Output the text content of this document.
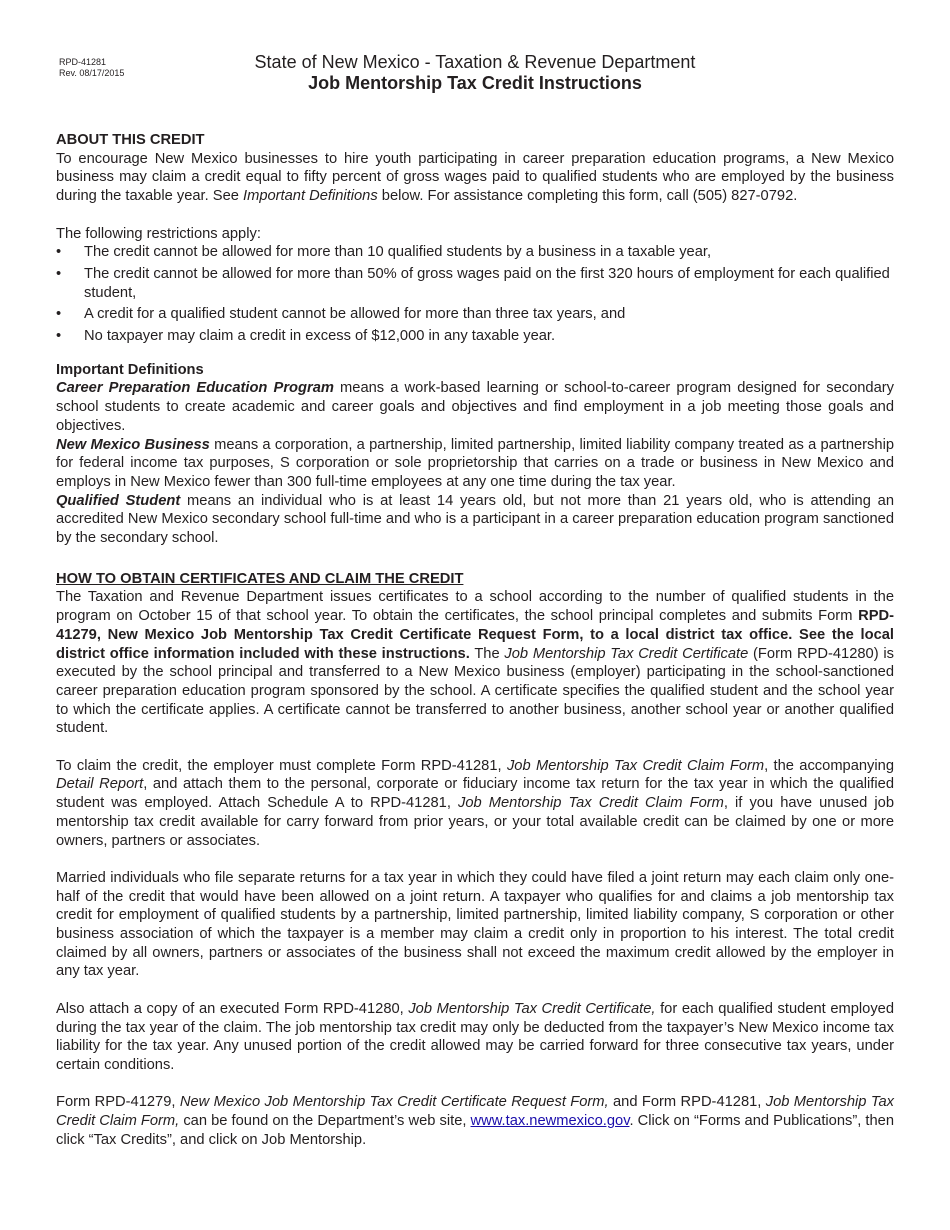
RPD-41281
Rev. 08/17/2015
State of New Mexico - Taxation & Revenue Department
Job Mentorship Tax Credit Instructions

ABOUT THIS CREDIT

To encourage New Mexico businesses to hire youth participating in career preparation education programs, a New Mexico business may claim a credit equal to fifty percent of gross wages paid to qualified students who are employed by the business during the taxable year. See Important Definitions below. For assistance completing this form, call (505) 827-0792.

The following restrictions apply:

• The credit cannot be allowed for more than 10 qualified students by a business in a taxable year,
• The credit cannot be allowed for more than 50% of gross wages paid on the first 320 hours of employment for each qualified student,
• A credit for a qualified student cannot be allowed for more than three tax years, and
• No taxpayer may claim a credit in excess of $12,000 in any taxable year.

Important Definitions

Career Preparation Education Program means a work-based learning or school-to-career program designed for secondary school students to create academic and career goals and objectives and find employment in a job meeting those goals and objectives.

New Mexico Business means a corporation, a partnership, limited partnership, limited liability company treated as a partnership for federal income tax purposes, S corporation or sole proprietorship that carries on a trade or business in New Mexico and employs in New Mexico fewer than 300 full-time employees at any one time during the tax year.

Qualified Student means an individual who is at least 14 years old, but not more than 21 years old, who is attending an accredited New Mexico secondary school full-time and who is a participant in a career preparation education program sanctioned by the secondary school.

HOW TO OBTAIN CERTIFICATES AND CLAIM THE CREDIT

The Taxation and Revenue Department issues certificates to a school according to the number of qualified students in the program on October 15 of that school year. To obtain the certificates, the school principal completes and submits Form RPD-41279, New Mexico Job Mentorship Tax Credit Certificate Request Form, to a local district tax office. See the local district office information included with these instructions. The Job Mentorship Tax Credit Certificate (Form RPD-41280) is executed by the school principal and transferred to a New Mexico business (employer) participating in the school-sanctioned career preparation education program sponsored by the school. A certificate specifies the qualified student and the school year to which the certificate applies. A certificate cannot be transferred to another business, another school year or another qualified student.

To claim the credit, the employer must complete Form RPD-41281, Job Mentorship Tax Credit Claim Form, the accompanying Detail Report, and attach them to the personal, corporate or fiduciary income tax return for the tax year in which the qualified student was employed. Attach Schedule A to RPD-41281, Job Mentorship Tax Credit Claim Form, if you have unused job mentorship tax credit available for carry forward from prior years, or your total available credit can be claimed by one or more owners, partners or associates.

Married individuals who file separate returns for a tax year in which they could have filed a joint return may each claim only one-half of the credit that would have been allowed on a joint return. A taxpayer who qualifies for and claims a job mentorship tax credit for employment of qualified students by a partnership, limited partnership, limited liability company, S corporation or other business association of which the taxpayer is a member may claim a credit only in proportion to his interest. The total credit claimed by all owners, partners or associates of the business shall not exceed the maximum credit allowed by the employer in any tax year.

Also attach a copy of an executed Form RPD-41280, Job Mentorship Tax Credit Certificate, for each qualified student employed during the tax year of the claim. The job mentorship tax credit may only be deducted from the taxpayer’s New Mexico income tax liability for the tax year. Any unused portion of the credit allowed may be carried forward for three consecutive tax years, under certain conditions.

Form RPD-41279, New Mexico Job Mentorship Tax Credit Certificate Request Form, and Form RPD-41281, Job Mentorship Tax Credit Claim Form, can be found on the Department’s web site, www.tax.newmexico.gov. Click on “Forms and Publications”, then click “Tax Credits”, and click on Job Mentorship.
